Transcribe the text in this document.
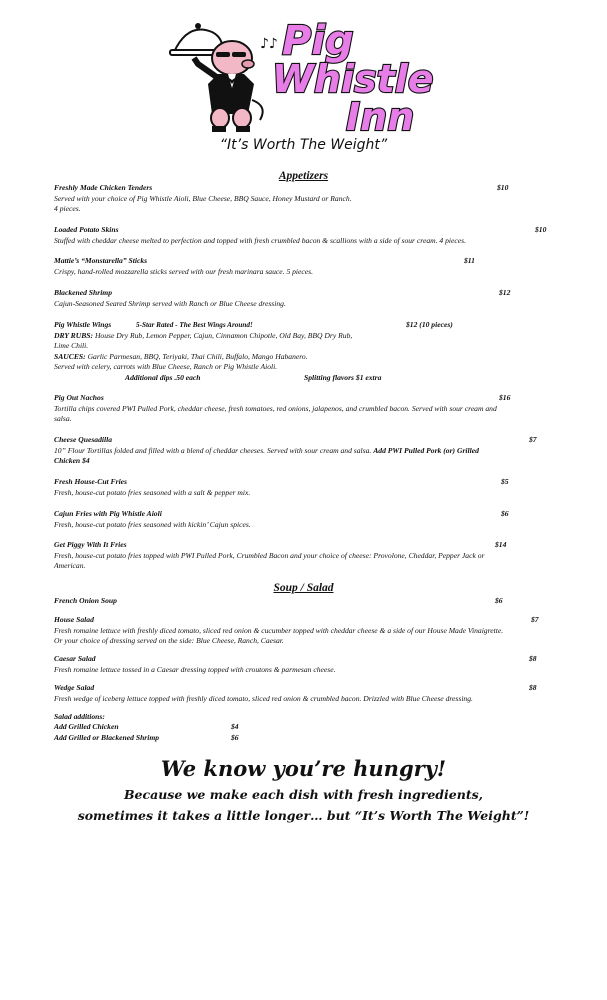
♪♪ Pig
Whistle
Inn
“It’s Worth The Weight”
Appetizers
Freshly Made Chicken Tenders	$10
Served with your choice of Pig Whistle Aioli, Blue Cheese, BBQ Sauce, Honey Mustard or Ranch.
4 pieces.
Loaded Potato Skins	$10
Stuffed with cheddar cheese melted to perfection and topped with fresh crumbled bacon & scallions with a side of sour cream. 4 pieces.
Mattie’s “Monstarella” Sticks	$11
Crispy, hand-rolled mozzarella sticks served with our fresh marinara sauce. 5 pieces.
Blackened Shrimp	$12
Cajun-Seasoned Seared Shrimp served with Ranch or Blue Cheese dressing.
Pig Whistle Wings	5-Star Rated - The Best Wings Around!	$12 (10 pieces)
DRY RUBS: House Dry Rub, Lemon Pepper, Cajun, Cinnamon Chipotle, Old Bay, BBQ Dry Rub,
Lime Chili.
SAUCES: Garlic Parmesan, BBQ, Teriyaki, Thai Chili, Buffalo, Mango Habanero.
Served with celery, carrots with Blue Cheese, Ranch or Pig Whistle Aioli.
Additional dips .50 each	Splitting flavors $1 extra
Pig Out Nachos	$16
Tortilla chips covered PWI Pulled Pork, cheddar cheese, fresh tomatoes, red onions, jalapenos, and crumbled bacon. Served with sour cream and
salsa.
Cheese Quesadilla	$7
10” Flour Tortillas folded and filled with a blend of cheddar cheeses. Served with sour cream and salsa. Add PWI Pulled Pork (or) Grilled
Chicken $4
Fresh House-Cut Fries	$5
Fresh, house-cut potato fries seasoned with a salt & pepper mix.
Cajun Fries with Pig Whistle Aioli	$6
Fresh, house-cut potato fries seasoned with kickin’ Cajun spices.
Get Piggy With It Fries	$14
Fresh, house-cut potato fries topped with PWI Pulled Pork, Crumbled Bacon and your choice of cheese: Provolone, Cheddar, Pepper Jack or
American.
Soup / Salad
French Onion Soup	$6
House Salad	$7
Fresh romaine lettuce with freshly diced tomato, sliced red onion & cucumber topped with cheddar cheese & a side of our House Made Vinaigrette.
Or your choice of dressing served on the side: Blue Cheese, Ranch, Caesar.
Caesar Salad	$8
Fresh romaine lettuce tossed in a Caesar dressing topped with croutons & parmesan cheese.
Wedge Salad	$8
Fresh wedge of iceberg lettuce topped with freshly diced tomato, sliced red onion & crumbled bacon. Drizzled with Blue Cheese dressing.
Salad additions:
Add Grilled Chicken	$4
Add Grilled or Blackened Shrimp	$6
We know you’re hungry!
Because we make each dish with fresh ingredients,
sometimes it takes a little longer… but “It’s Worth The Weight”!
